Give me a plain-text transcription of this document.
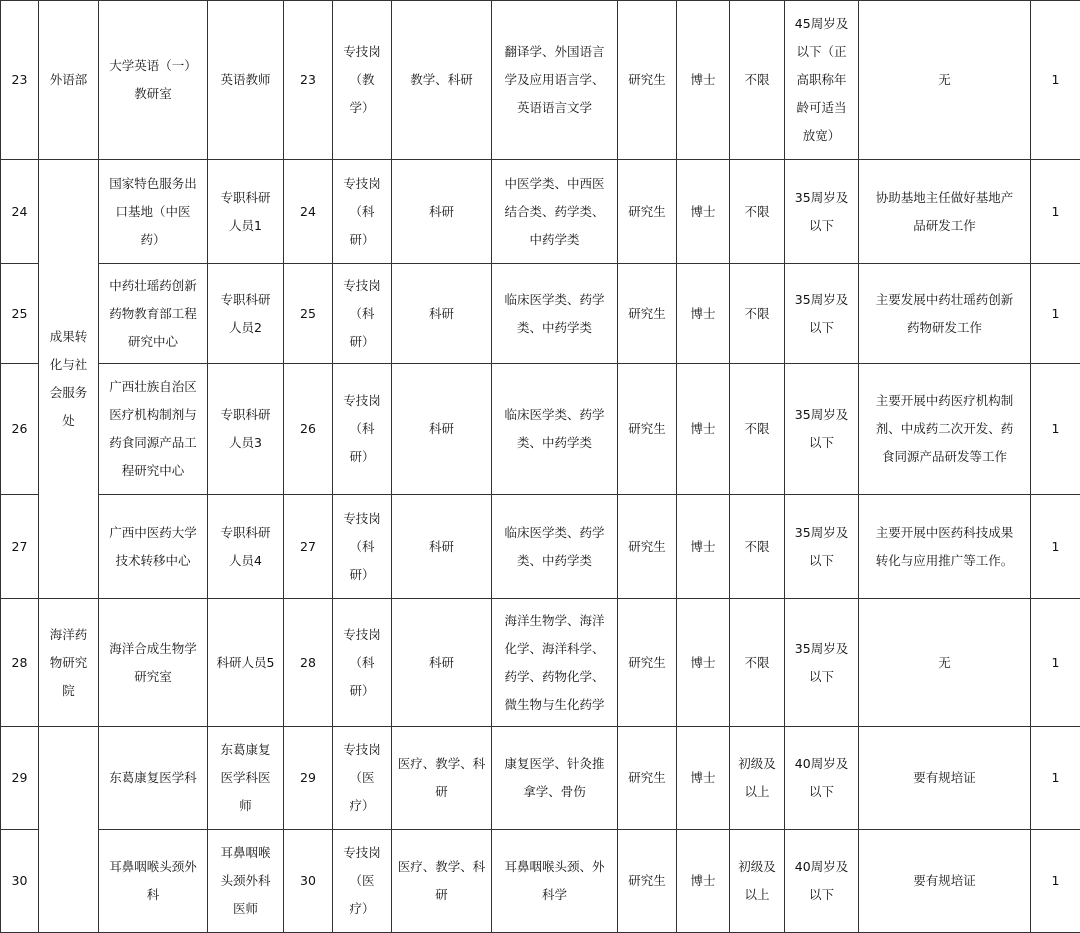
23	外语部	大学英语（一）
教研室	英语教师	23	专技岗
（教
学）	教学、科研	翻译学、外国语言
学及应用语言学、
英语语言文学	研究生	博士	不限	45周岁及
以下（正
高职称年
龄可适当
放宽）	无	1
24	成果转
化与社
会服务
处	国家特色服务出
口基地（中医
药）	专职科研
人员1	24	专技岗
（科
研）	科研	中医学类、中西医
结合类、药学类、
中药学类	研究生	博士	不限	35周岁及
以下	协助基地主任做好基地产
品研发工作	1
25		中药壮瑶药创新
药物教育部工程
研究中心	专职科研
人员2	25	专技岗
（科
研）	科研	临床医学类、药学
类、中药学类	研究生	博士	不限	35周岁及
以下	主要发展中药壮瑶药创新
药物研发工作	1
26		广西壮族自治区
医疗机构制剂与
药食同源产品工
程研究中心	专职科研
人员3	26	专技岗
（科
研）	科研	临床医学类、药学
类、中药学类	研究生	博士	不限	35周岁及
以下	主要开展中药医疗机构制
剂、中成药二次开发、药
食同源产品研发等工作	1
27		广西中医药大学
技术转移中心	专职科研
人员4	27	专技岗
（科
研）	科研	临床医学类、药学
类、中药学类	研究生	博士	不限	35周岁及
以下	主要开展中医药科技成果
转化与应用推广等工作。	1
28	海洋药
物研究
院	海洋合成生物学
研究室	科研人员5	28	专技岗
（科
研）	科研	海洋生物学、海洋
化学、海洋科学、
药学、药物化学、
微生物与生化药学	研究生	博士	不限	35周岁及
以下	无	1
29		东葛康复医学科	东葛康复
医学科医
师	29	专技岗
（医
疗）	医疗、教学、科
研	康复医学、针灸推
拿学、骨伤	研究生	博士	初级及
以上	40周岁及
以下	要有规培证	1
30		耳鼻咽喉头颈外
科	耳鼻咽喉
头颈外科
医师	30	专技岗
（医
疗）	医疗、教学、科
研	耳鼻咽喉头颈、外
科学	研究生	博士	初级及
以上	40周岁及
以下	要有规培证	1
